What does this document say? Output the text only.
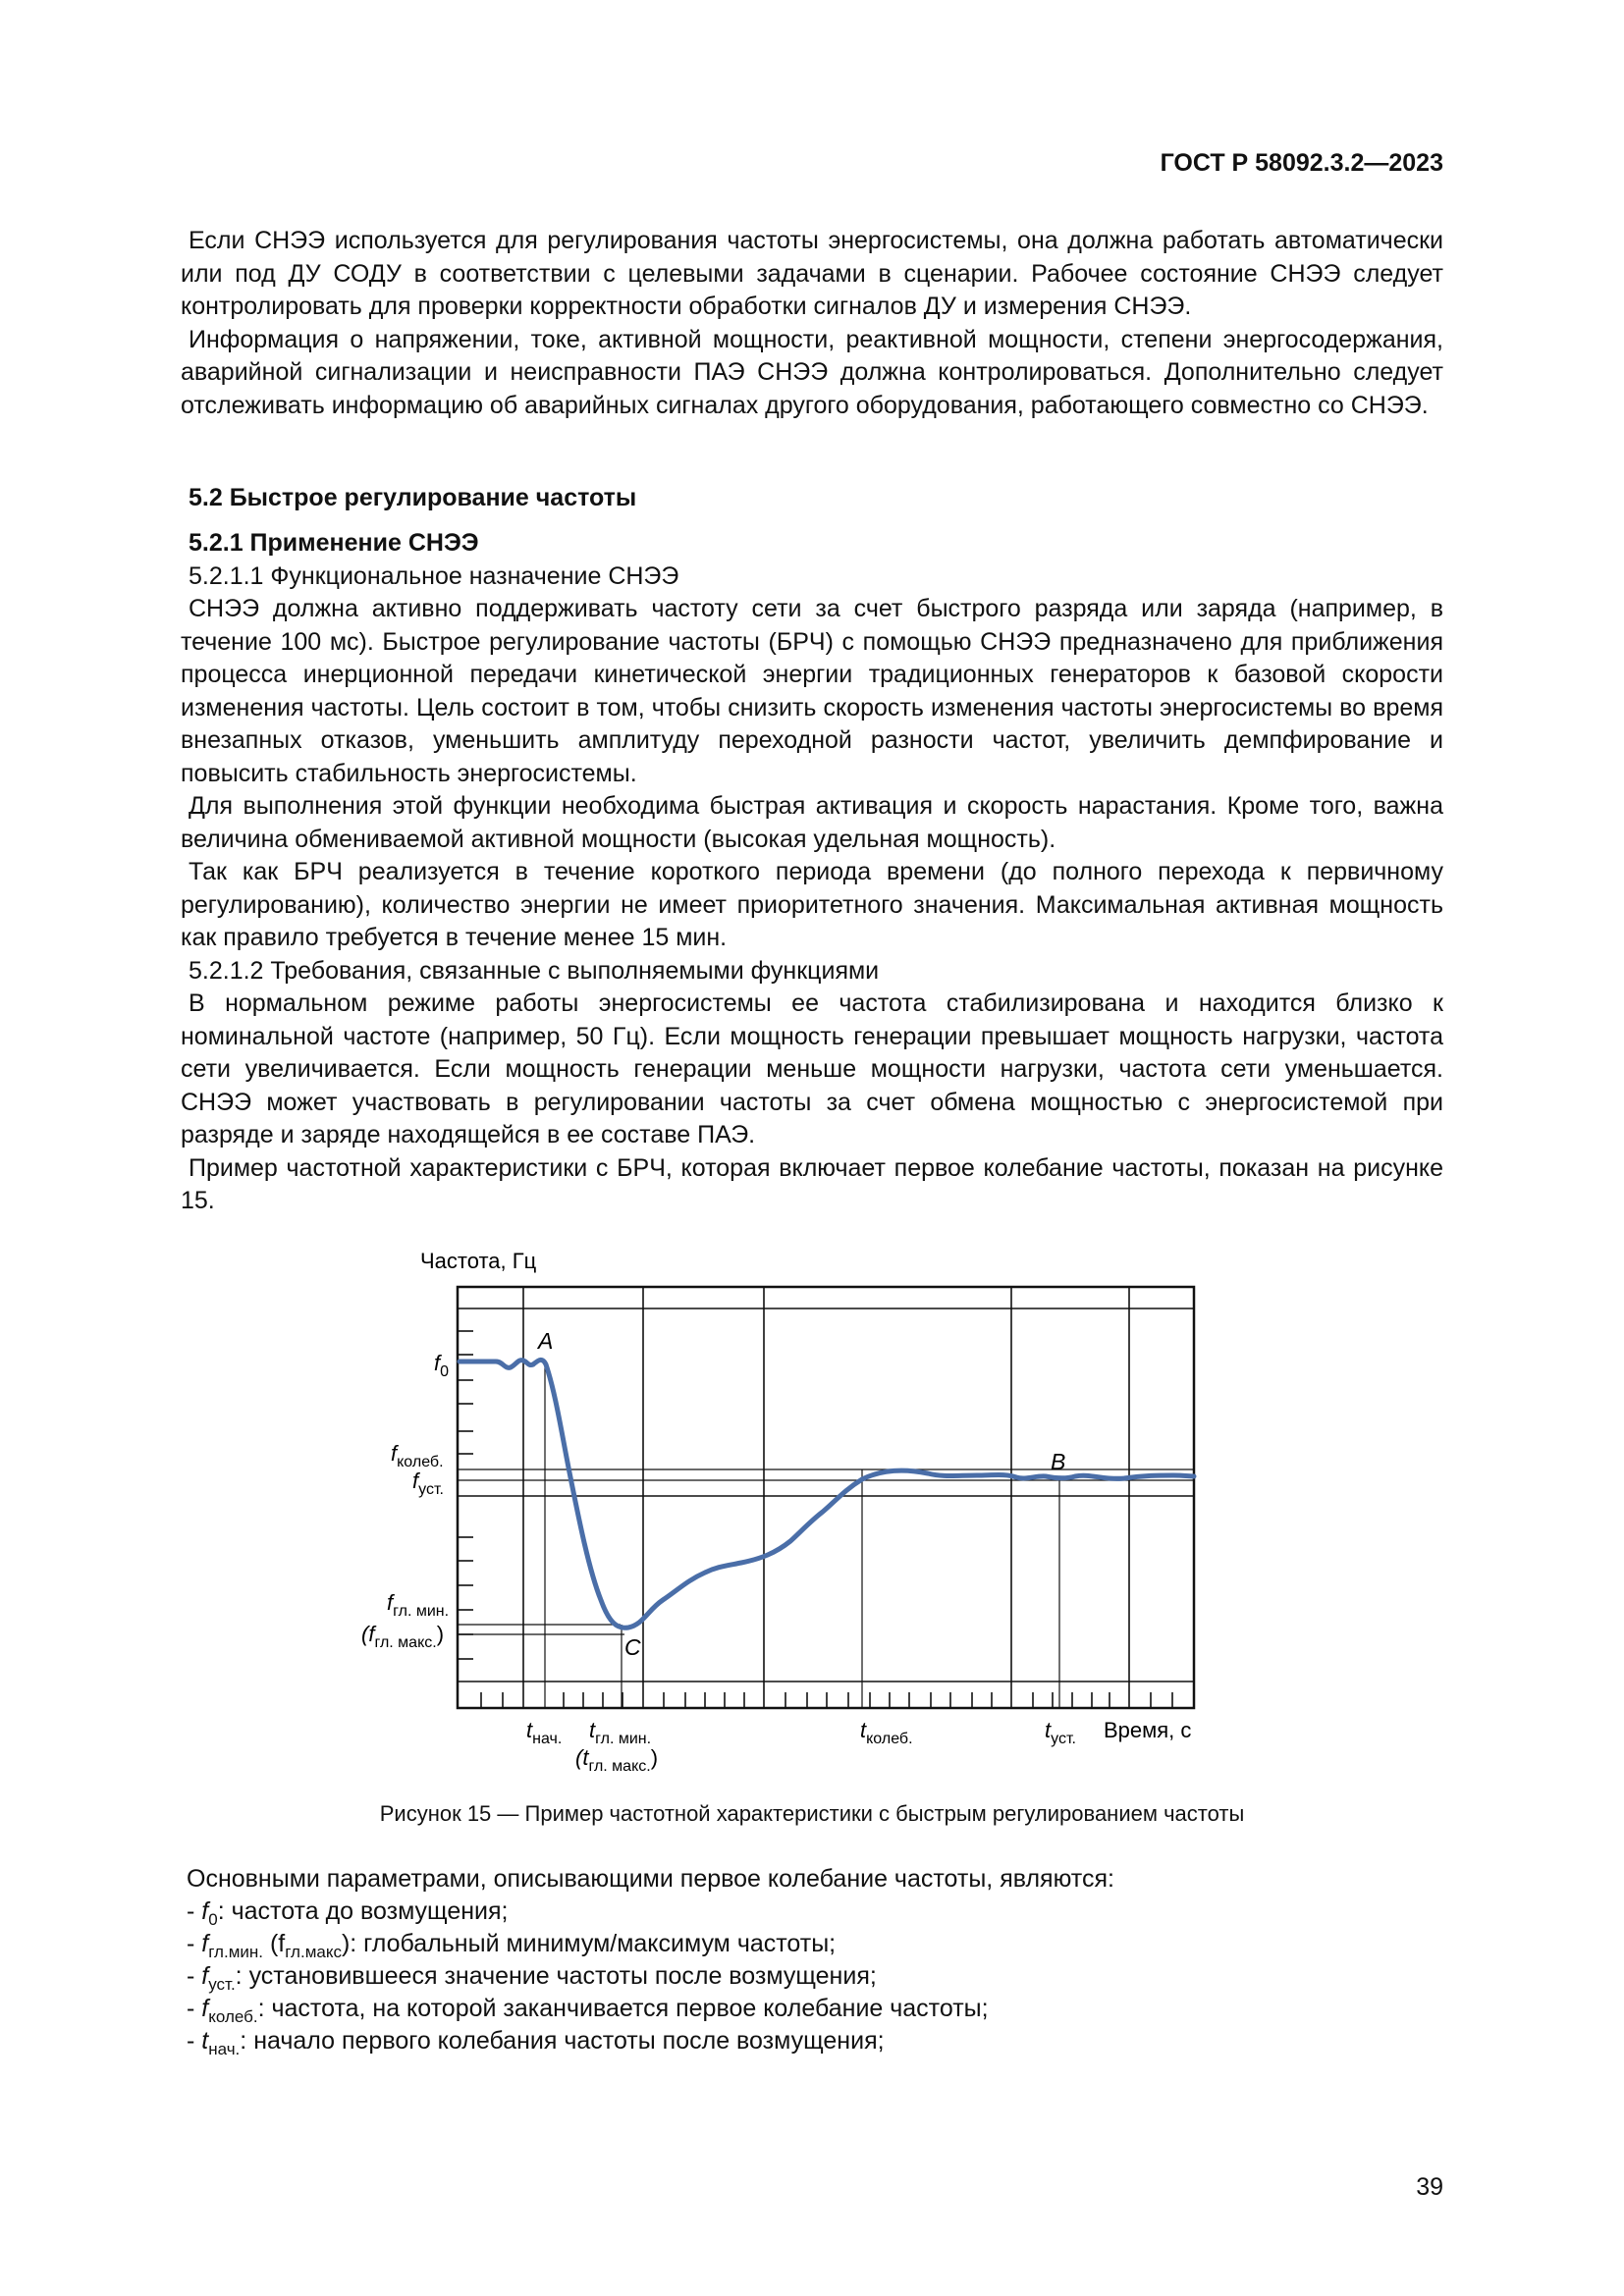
ГОСТ Р 58092.3.2—2023

Если СНЭЭ используется для регулирования частоты энергосистемы, она должна работать автоматически или под ДУ СОДУ в соответствии с целевыми задачами в сценарии. Рабочее состояние СНЭЭ следует контролировать для проверки корректности обработки сигналов ДУ и измерения СНЭЭ.

Информация о напряжении, токе, активной мощности, реактивной мощности, степени энергосодержания, аварийной сигнализации и неисправности ПАЭ СНЭЭ должна контролироваться. Дополнительно следует отслеживать информацию об аварийных сигналах другого оборудования, работающего совместно со СНЭЭ.

5.2 Быстрое регулирование частоты

5.2.1 Применение СНЭЭ

5.2.1.1 Функциональное назначение СНЭЭ

СНЭЭ должна активно поддерживать частоту сети за счет быстрого разряда или заряда (например, в течение 100 мс). Быстрое регулирование частоты (БРЧ) с помощью СНЭЭ предназначено для приближения процесса инерционной передачи кинетической энергии традиционных генераторов к базовой скорости изменения частоты. Цель состоит в том, чтобы снизить скорость изменения частоты энергосистемы во время внезапных отказов, уменьшить амплитуду переходной разности частот, увеличить демпфирование и повысить стабильность энергосистемы.

Для выполнения этой функции необходима быстрая активация и скорость нарастания. Кроме того, важна величина обмениваемой активной мощности (высокая удельная мощность).

Так как БРЧ реализуется в течение короткого периода времени (до полного перехода к первичному регулированию), количество энергии не имеет приоритетного значения. Максимальная активная мощность как правило требуется в течение менее 15 мин.

5.2.1.2 Требования, связанные с выполняемыми функциями

В нормальном режиме работы энергосистемы ее частота стабилизирована и находится близко к номинальной частоте (например, 50 Гц). Если мощность генерации превышает мощность нагрузки, частота сети увеличивается. Если мощность генерации меньше мощности нагрузки, частота сети уменьшается. СНЭЭ может участвовать в регулировании частоты за счет обмена мощностью с энергосистемой при разряде и заряде находящейся в ее составе ПАЭ.

Пример частотной характеристики с БРЧ, которая включает первое колебание частоты, показан на рисунке 15.

Частота, Гц
A
B
C
$f_0$
$f_{колеб.}$
$f_{уст.}$
$f_{гл. мин.}$
$(f_{гл. макс.})$
$t_{нач.}$ $t_{гл. мин.}$
$(t_{гл. макс.})$
$t_{колеб.}$	$t_{уст.}$ Время, с
Рисунок 15 — Пример частотной характеристики с быстрым регулированием частоты
Основными параметрами, описывающими первое колебание частоты, являются:
- $f_0$: частота до возмущения;
- $f_{гл.мин.}$ $(f_{гл.макс})$: глобальный минимум/максимум частоты;
- $f_{уст.}$: установившееся значение частоты после возмущения;
- $f_{колеб.}$: частота, на которой заканчивается первое колебание частоты;
- $t_{нач.}$: начало первого колебания частоты после возмущения;
39
